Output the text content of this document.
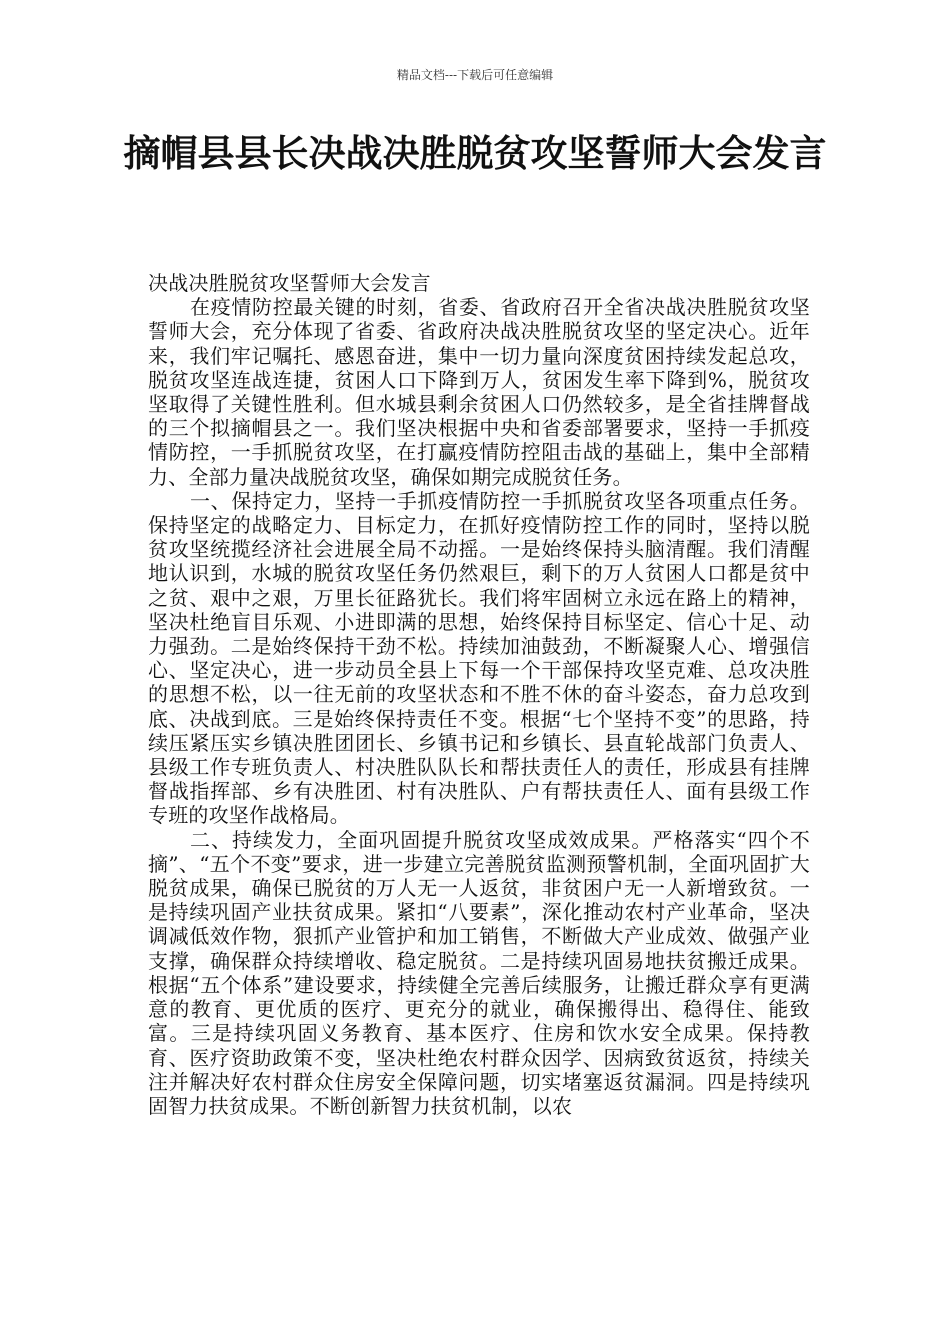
精品文档---下载后可任意编辑
摘帽县县长决战决胜脱贫攻坚誓师大会发言

决战决胜脱贫攻坚誓师大会发言

在疫情防控最关键的时刻，省委、省政府召开全省决战决胜脱贫攻坚誓师大会，充分体现了省委、省政府决战决胜脱贫攻坚的坚定决心。近年来，我们牢记嘱托、感恩奋进，集中一切力量向深度贫困持续发起总攻，脱贫攻坚连战连捷，贫困人口下降到万人，贫困发生率下降到%，脱贫攻坚取得了关键性胜利。但水城县剩余贫困人口仍然较多，是全省挂牌督战的三个拟摘帽县之一。我们坚决根据中央和省委部署要求，坚持一手抓疫情防控，一手抓脱贫攻坚，在打赢疫情防控阻击战的基础上，集中全部精力、全部力量决战脱贫攻坚，确保如期完成脱贫任务。

一、保持定力，坚持一手抓疫情防控一手抓脱贫攻坚各项重点任务。保持坚定的战略定力、目标定力，在抓好疫情防控工作的同时，坚持以脱贫攻坚统揽经济社会进展全局不动摇。一是始终保持头脑清醒。我们清醒地认识到，水城的脱贫攻坚任务仍然艰巨，剩下的万人贫困人口都是贫中之贫、艰中之艰，万里长征路犹长。我们将牢固树立永远在路上的精神，坚决杜绝盲目乐观、小进即满的思想，始终保持目标坚定、信心十足、动力强劲。二是始终保持干劲不松。持续加油鼓劲，不断凝聚人心、增强信心、坚定决心，进一步动员全县上下每一个干部保持攻坚克难、总攻决胜的思想不松，以一往无前的攻坚状态和不胜不休的奋斗姿态，奋力总攻到底、决战到底。三是始终保持责任不变。根据“七个坚持不变”的思路，持续压紧压实乡镇决胜团团长、乡镇书记和乡镇长、县直轮战部门负责人、县级工作专班负责人、村决胜队队长和帮扶责任人的责任，形成县有挂牌督战指挥部、乡有决胜团、村有决胜队、户有帮扶责任人、面有县级工作专班的攻坚作战格局。

二、持续发力，全面巩固提升脱贫攻坚成效成果。严格落实“四个不摘”、“五个不变”要求，进一步建立完善脱贫监测预警机制，全面巩固扩大脱贫成果，确保已脱贫的万人无一人返贫，非贫困户无一人新增致贫。一是持续巩固产业扶贫成果。紧扣“八要素”，深化推动农村产业革命，坚决调减低效作物，狠抓产业管护和加工销售，不断做大产业成效、做强产业支撑，确保群众持续增收、稳定脱贫。二是持续巩固易地扶贫搬迁成果。根据“五个体系”建设要求，持续健全完善后续服务，让搬迁群众享有更满意的教育、更优质的医疗、更充分的就业，确保搬得出、稳得住、能致富。三是持续巩固义务教育、基本医疗、住房和饮水安全成果。保持教育、医疗资助政策不变，坚决杜绝农村群众因学、因病致贫返贫，持续关注并解决好农村群众住房安全保障问题，切实堵塞返贫漏洞。四是持续巩固智力扶贫成果。不断创新智力扶贫机制，以农
